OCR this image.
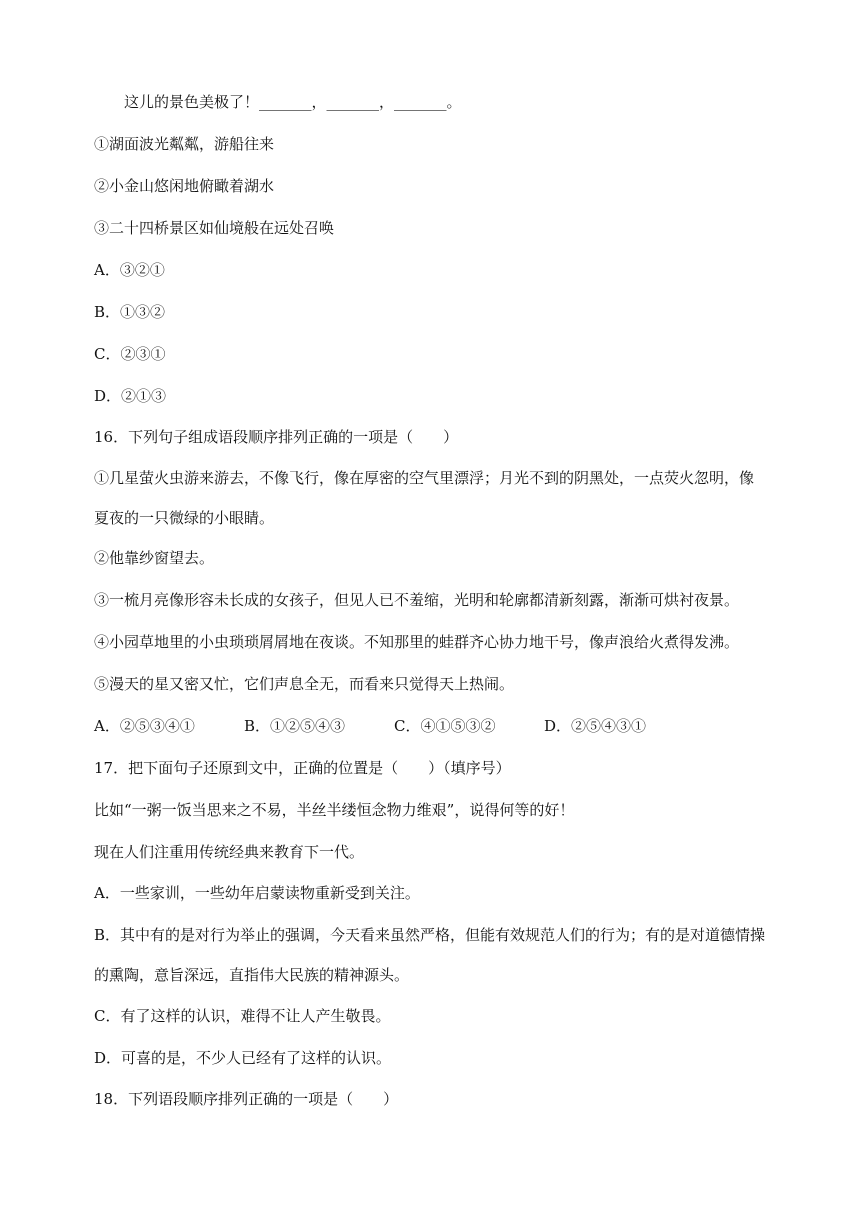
这儿的景色美极了！_______，_______，_______。
①湖面波光粼粼，游船往来
②小金山悠闲地俯瞰着湖水
③二十四桥景区如仙境般在远处召唤
A．③②①
B．①③②
C．②③①
D．②①③
16．下列句子组成语段顺序排列正确的一项是（　　）
①几星萤火虫游来游去，不像飞行，像在厚密的空气里漂浮；月光不到的阴黑处，一点荧火忽明，像
夏夜的一只微绿的小眼睛。
②他靠纱窗望去。
③一梳月亮像形容未长成的女孩子，但见人已不羞缩，光明和轮廓都清新刻露，渐渐可烘衬夜景。
④小园草地里的小虫琐琐屑屑地在夜谈。不知那里的蛙群齐心协力地干号，像声浪给火煮得发沸。
⑤漫天的星又密又忙，它们声息全无，而看来只觉得天上热闹。
A．②⑤③④①	B．①②⑤④③	C．④①⑤③②	D．②⑤④③①
17．把下面句子还原到文中，正确的位置是（　　）（填序号）
比如“一粥一饭当思来之不易，半丝半缕恒念物力维艰”，说得何等的好！
现在人们注重用传统经典来教育下一代。
A．一些家训，一些幼年启蒙读物重新受到关注。
B．其中有的是对行为举止的强调，今天看来虽然严格，但能有效规范人们的行为；有的是对道德情操
的熏陶，意旨深远，直指伟大民族的精神源头。
C．有了这样的认识，难得不让人产生敬畏。
D．可喜的是，不少人已经有了这样的认识。
18．下列语段顺序排列正确的一项是（　　）
